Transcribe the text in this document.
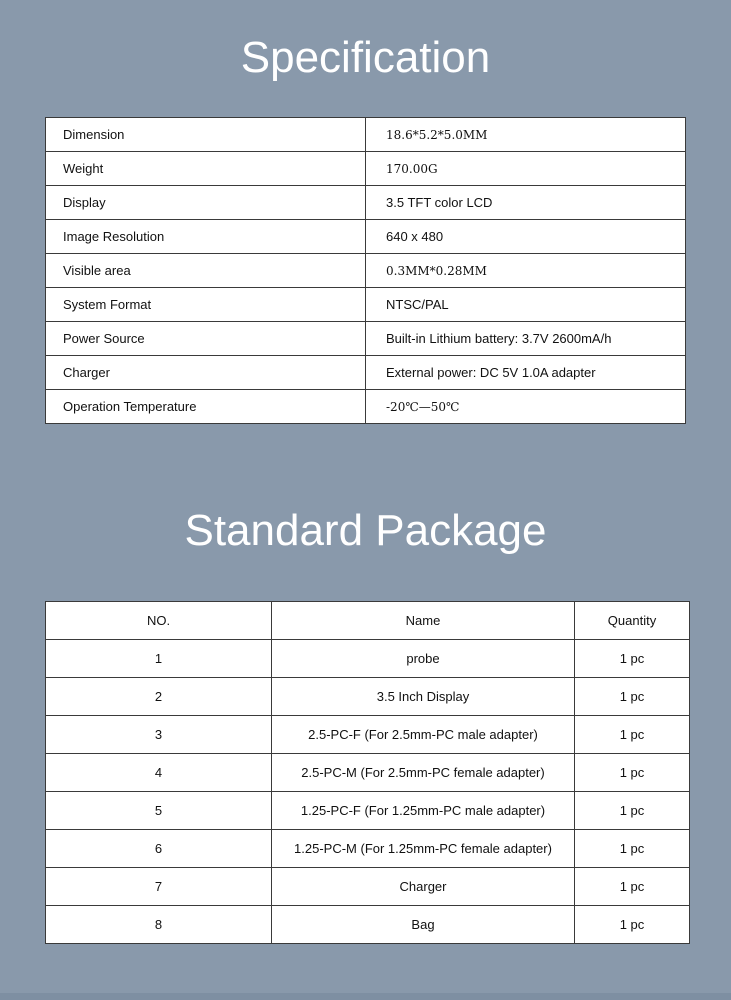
Specification
Dimension	18.6*5.2*5.0MM
Weight	170.00G
Display	3.5 TFT color LCD
Image Resolution	640 x 480
Visible area	0.3MM*0.28MM
System Format	NTSC/PAL
Power Source	Built-in Lithium battery: 3.7V 2600mA/h
Charger	External power: DC 5V 1.0A adapter
Operation Temperature	-20℃—50℃
Standard Package
NO.	Name	Quantity
1	probe	1 pc
2	3.5 Inch Display	1 pc
3	2.5-PC-F (For 2.5mm-PC male adapter)	1 pc
4	2.5-PC-M (For 2.5mm-PC female adapter)	1 pc
5	1.25-PC-F (For 1.25mm-PC male adapter)	1 pc
6	1.25-PC-M (For 1.25mm-PC female adapter)	1 pc
7	Charger	1 pc
8	Bag	1 pc
